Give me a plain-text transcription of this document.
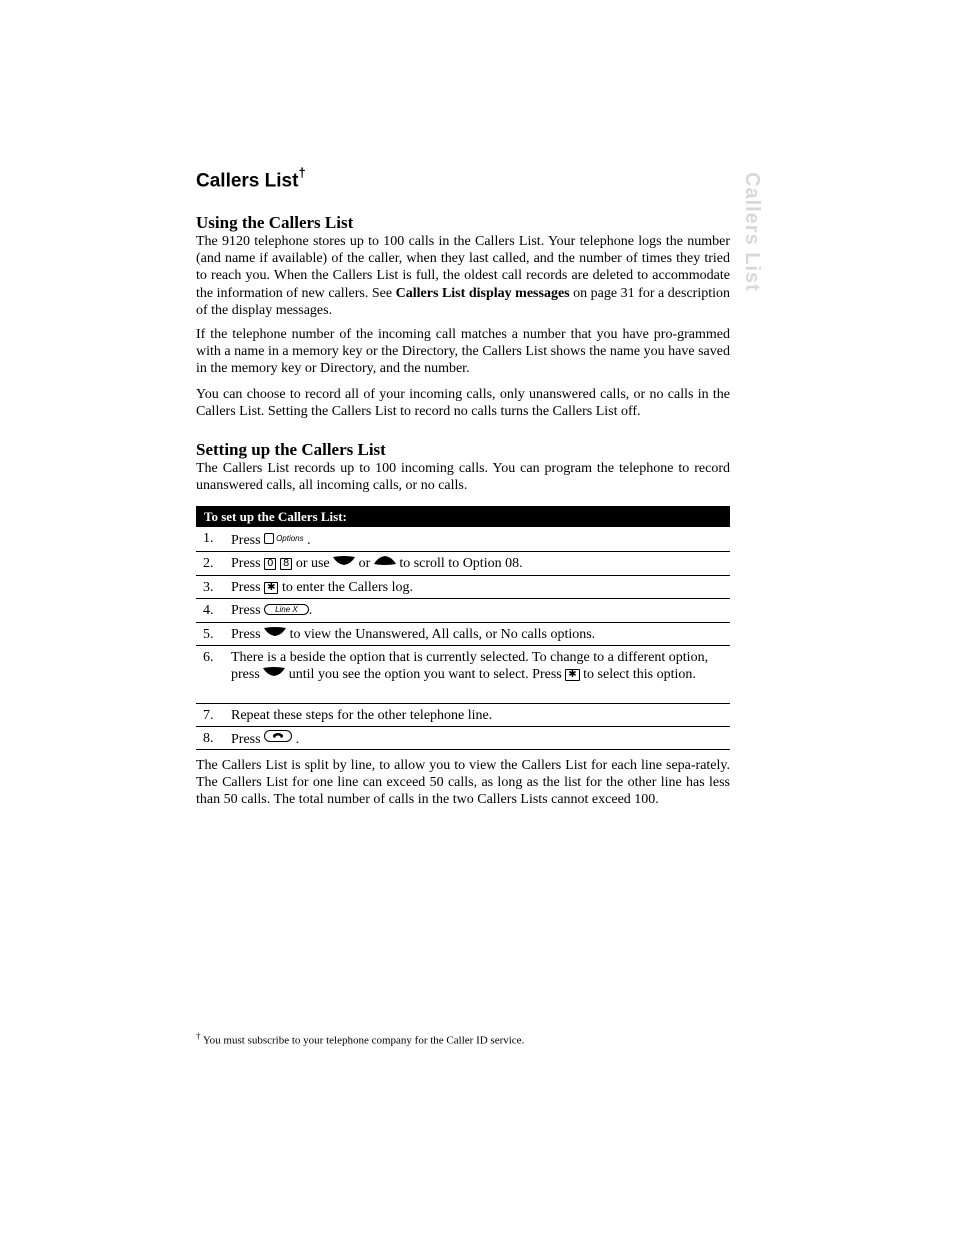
Callers List†	Callers List
Using the Callers List

The 9120 telephone stores up to 100 calls in the Callers List. Your telephone logs the number (and name if available) of the caller, when they last called, and the number of times they tried to reach you. When the Callers List is full, the oldest call records are deleted to accommodate the information of new callers. See Callers List display messages on page 31 for a description of the display messages.

If the telephone number of the incoming call matches a number that you have pro-grammed with a name in a memory key or the Directory, the Callers List shows the name you have saved in the memory key or Directory, and the number.

You can choose to record all of your incoming calls, only unanswered calls, or no calls in the Callers List. Setting the Callers List to record no calls turns the Callers List off.

Setting up the Callers List

The Callers List records up to 100 incoming calls. You can program the telephone to record unanswered calls, all incoming calls, or no calls.

To set up the Callers List:
1.	Press Options .
2.	Press 0 8 or use  or  to scroll to Option 08.
3.	Press ✱ to enter the Callers log.
4.	Press Line X .
5.	Press  to view the Unanswered, All calls, or No calls options.
6.	There is a beside the option that is currently selected. To change to a different option, press  until you see the option you want to select. Press ✱ to select this option.
7.	Repeat these steps for the other telephone line.
8.	Press
.

The Callers List is split by line, to allow you to view the Callers List for each line sepa-rately. The Callers List for one line can exceed 50 calls, as long as the list for the other line has less than 50 calls. The total number of calls in the two Callers Lists cannot exceed 100.

† You must subscribe to your telephone company for the Caller ID service.
